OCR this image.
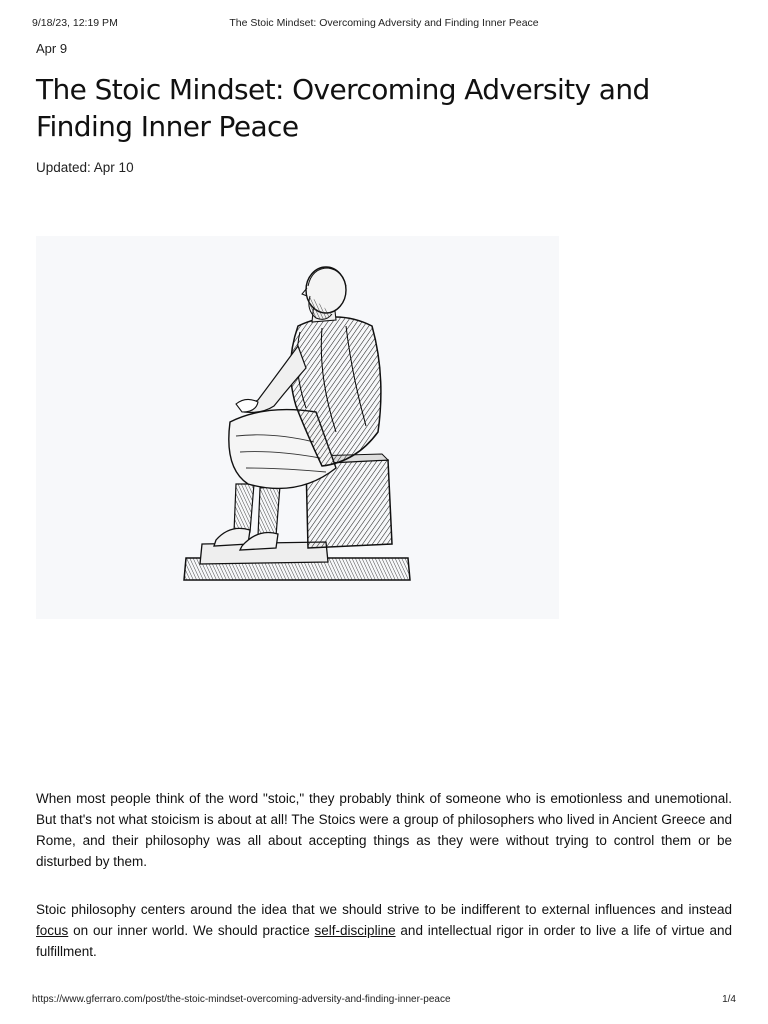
9/18/23, 12:19 PM	The Stoic Mindset: Overcoming Adversity and Finding Inner Peace
Apr 9
The Stoic Mindset: Overcoming Adversity and Finding Inner Peace
Updated: Apr 10

When most people think of the word "stoic," they probably think of someone who is emotionless and unemotional. But that's not what stoicism is about at all! The Stoics were a group of philosophers who lived in Ancient Greece and Rome, and their philosophy was all about accepting things as they were without trying to control them or be disturbed by them.

Stoic philosophy centers around the idea that we should strive to be indifferent to external influences and instead focus on our inner world. We should practice self-discipline and intellectual rigor in order to live a life of virtue and fulfillment.

https://www.gferraro.com/post/the-stoic-mindset-overcoming-adversity-and-finding-inner-peace	1/4
